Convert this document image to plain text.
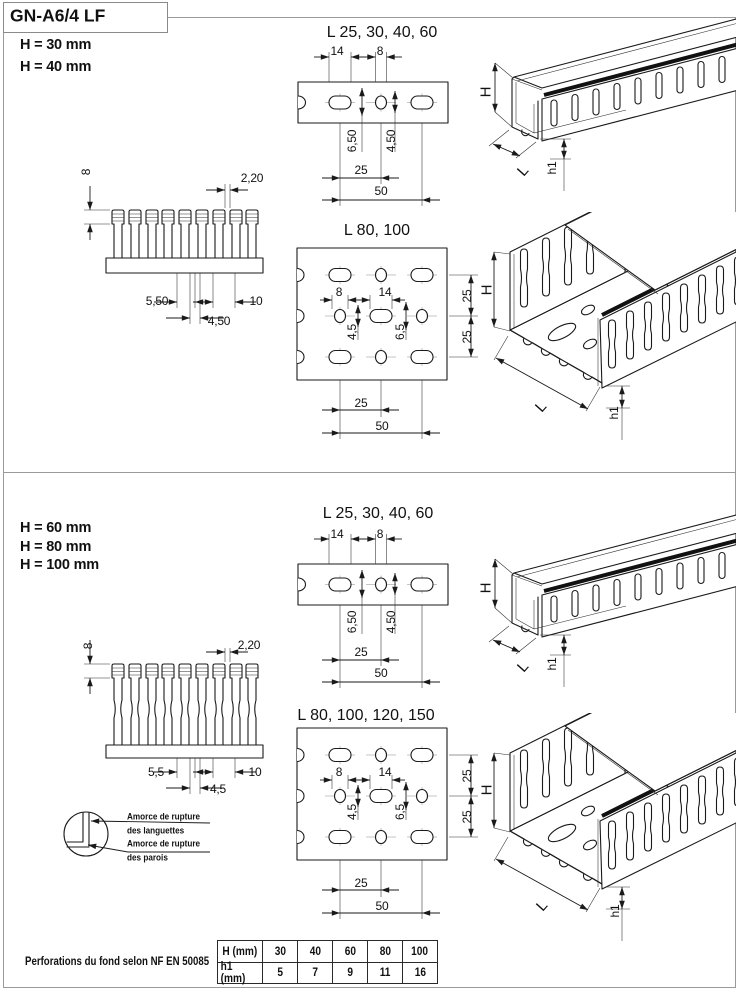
GN-A6/4 LF
H = 30 mm
H = 40 mm
H = 60 mm
H = 80 mm
H = 100 mm
8	2,20
5,50	10
4,50
L 25, 30, 40, 60
14	8
6,50 4,50
25
50
L 80, 100
8	14
4,5	6,5
25
25
25
50
H
L h1
H
L	h1
8	2,20
5,5	10
4,5
Amorce de rupture
des languettes
Amorce de rupture
des parois
L 25, 30, 40, 60
14	8
6,50 4,50
25
50
L 80, 100, 120, 150
8	14
4,5	6,5
25
25
25
50
H
L h1
H
L	h1
Perforations du fond selon NF EN 50085
H (mm) 30 40 60 80 100
h1 (mm)	5	7	9 11 16
